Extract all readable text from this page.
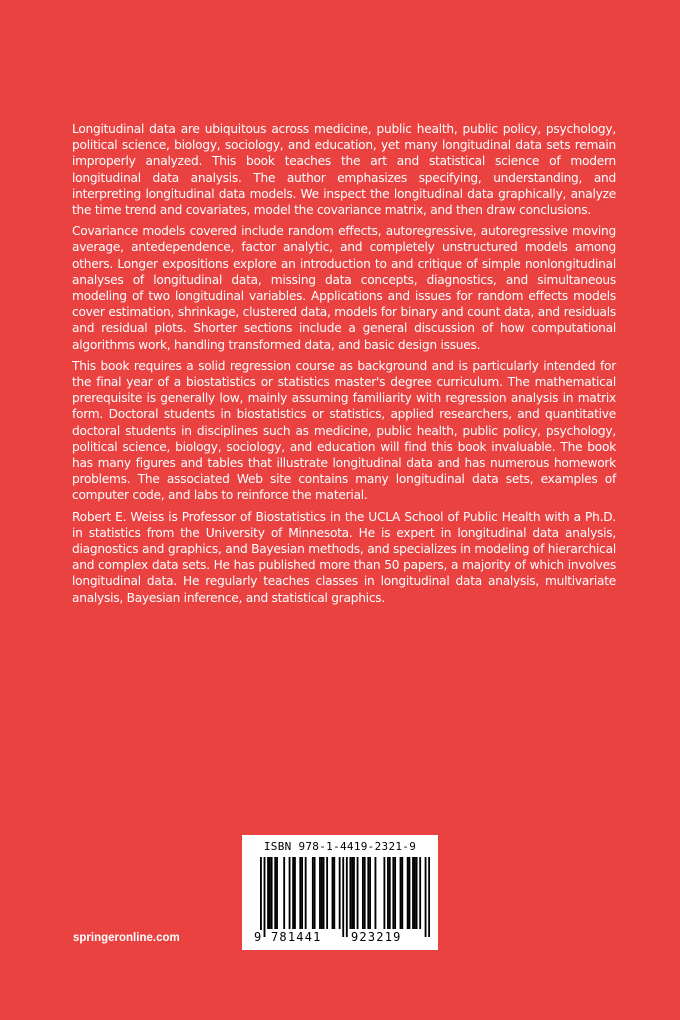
Longitudinal data are ubiquitous across medicine, public health, public policy, psychology, political science, biology, sociology, and education, yet many longitudinal data sets remain improperly analyzed. This book teaches the art and statistical science of modern longitudinal data analysis. The author emphasizes specifying, understanding, and interpreting longitudinal data models. We inspect the longitudinal data graphically, analyze the time trend and covariates, model the covariance matrix, and then draw conclusions.

Covariance models covered include random effects, autoregressive, autoregressive moving average, antedependence, factor analytic, and completely unstructured models among others. Longer expositions explore an introduction to and critique of simple nonlongitudinal analyses of longitudinal data, missing data concepts, diagnostics, and simultaneous modeling of two longitudinal variables. Applications and issues for random effects models cover estimation, shrinkage, clustered data, models for binary and count data, and residuals and residual plots. Shorter sections include a general discussion of how computational algorithms work, handling transformed data, and basic design issues.

This book requires a solid regression course as background and is particularly intended for the final year of a biostatistics or statistics master's degree curriculum. The mathematical prerequisite is generally low, mainly assuming familiarity with regression analysis in matrix form. Doctoral students in biostatistics or statistics, applied researchers, and quantitative doctoral students in disciplines such as medicine, public health, public policy, psychology, political science, biology, sociology, and education will find this book invaluable. The book has many figures and tables that illustrate longitudinal data and has numerous homework problems. The associated Web site contains many longitudinal data sets, examples of computer code, and labs to reinforce the material.

Robert E. Weiss is Professor of Biostatistics in the UCLA School of Public Health with a Ph.D. in statistics from the University of Minnesota. He is expert in longitudinal data analysis, diagnostics and graphics, and Bayesian methods, and specializes in modeling of hierarchical and complex data sets. He has published more than 50 papers, a majority of which involves longitudinal data. He regularly teaches classes in longitudinal data analysis, multivariate analysis, Bayesian inference, and statistical graphics.

springeronline.com
ISBN 978-1-4419-2321-9
9 781441 923219
